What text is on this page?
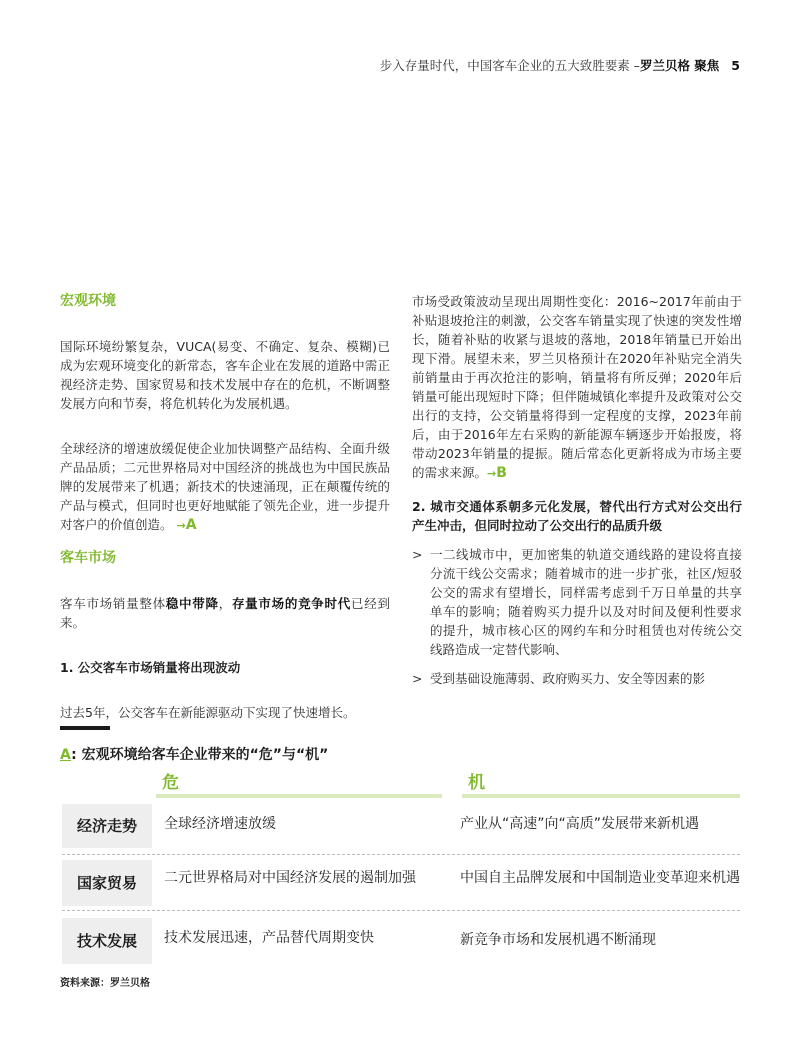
步入存量时代，中国客车企业的五大致胜要素 –罗兰贝格 聚焦 5
宏观环境

国际环境纷繁复杂，VUCA(易变、不确定、复杂、模糊)已成为宏观环境变化的新常态，客车企业在发展的道路中需正视经济走势、国家贸易和技术发展中存在的危机，不断调整发展方向和节奏，将危机转化为发展机遇。

全球经济的增速放缓促使企业加快调整产品结构、全面升级产品品质；二元世界格局对中国经济的挑战也为中国民族品牌的发展带来了机遇；新技术的快速涌现，正在颠覆传统的产品与模式，但同时也更好地赋能了领先企业，进一步提升对客户的价值创造。 →A

客车市场

客车市场销量整体稳中带降，存量市场的竞争时代已经到来。

1. 公交客车市场销量将出现波动

过去5年，公交客车在新能源驱动下实现了快速增长。

市场受政策波动呈现出周期性变化：2016~2017年前由于补贴退坡抢注的刺激，公交客车销量实现了快速的突发性增长，随着补贴的收紧与退坡的落地，2018年销量已开始出现下滑。展望未来，罗兰贝格预计在2020年补贴完全消失前销量由于再次抢注的影响，销量将有所反弹；2020年后销量可能出现短时下降；但伴随城镇化率提升及政策对公交出行的支持，公交销量将得到一定程度的支撑，2023年前后，由于2016年左右采购的新能源车辆逐步开始报废，将带动2023年销量的提振。随后常态化更新将成为市场主要的需求来源。→B

2. 城市交通体系朝多元化发展，替代出行方式对公交出行产生冲击，但同时拉动了公交出行的品质升级

> 一二线城市中，更加密集的轨道交通线路的建设将直接分流干线公交需求；随着城市的进一步扩张，社区/短驳公交的需求有望增长，同样需考虑到千万日单量的共享单车的影响；随着购买力提升以及对时间及便利性要求的提升，城市核心区的网约车和分时租赁也对传统公交线路造成一定替代影响、
> 受到基础设施薄弱、政府购买力、安全等因素的影
A: 宏观环境给客车企业带来的“危”与“机”
危	机
经济走势	全球经济增速放缓	产业从“高速”向“高质”发展带来新机遇
国家贸易	二元世界格局对中国经济发展的遏制加强	中国自主品牌发展和中国制造业变革迎来机遇
技术发展	技术发展迅速，产品替代周期变快	新竞争市场和发展机遇不断涌现
资料来源：罗兰贝格
